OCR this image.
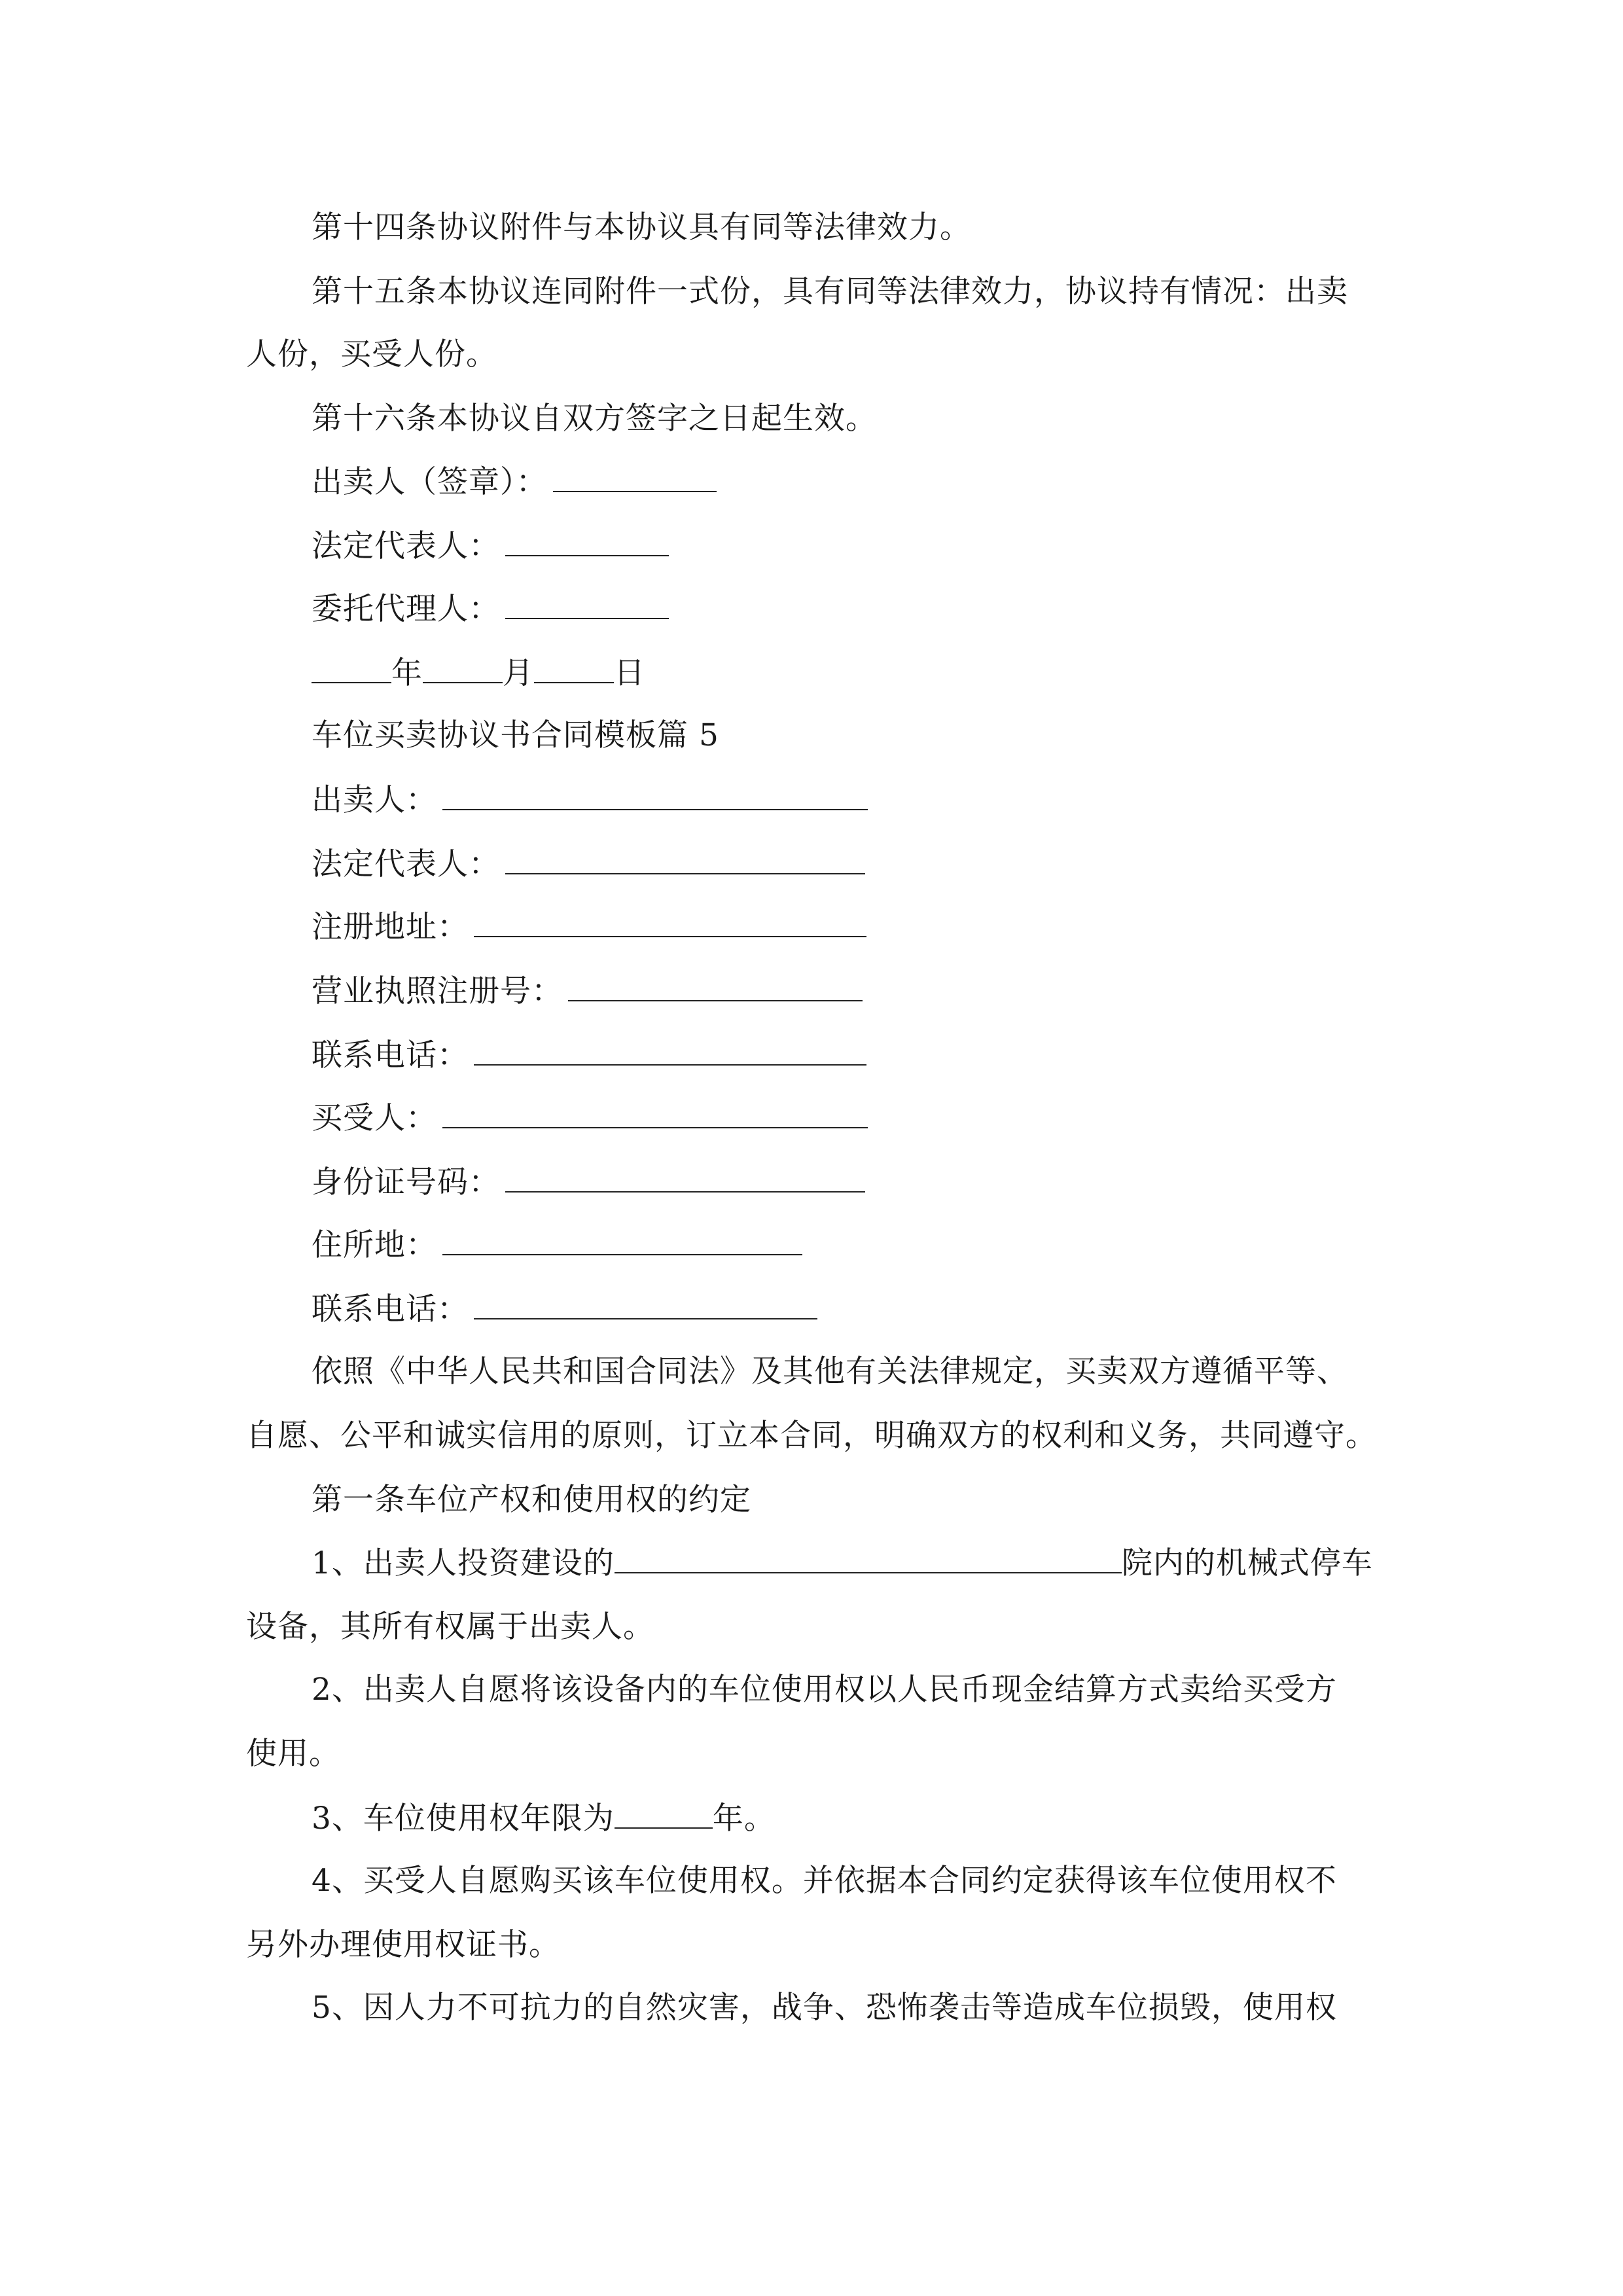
第十四条协议附件与本协议具有同等法律效力。
第十五条本协议连同附件一式份，具有同等法律效力，协议持有情况：出卖
人份，买受人份。
第十六条本协议自双方签字之日起生效。
出卖人（签章）：
法定代表人：
委托代理人：
年	月	日
车位买卖协议书合同模板篇 5
出卖人：
法定代表人：
注册地址：
营业执照注册号：
联系电话：
买受人：
身份证号码：
住所地：
联系电话：
依照《中华人民共和国合同法》及其他有关法律规定，买卖双方遵循平等、
自愿、公平和诚实信用的原则，订立本合同，明确双方的权利和义务，共同遵守。
第一条车位产权和使用权的约定
1、出卖人投资建设的	院内的机械式停车
设备，其所有权属于出卖人。
2、出卖人自愿将该设备内的车位使用权以人民币现金结算方式卖给买受方
使用。
3、车位使用权年限为	年。
4、买受人自愿购买该车位使用权。并依据本合同约定获得该车位使用权不
另外办理使用权证书。
5、因人力不可抗力的自然灾害，战争、恐怖袭击等造成车位损毁，使用权
